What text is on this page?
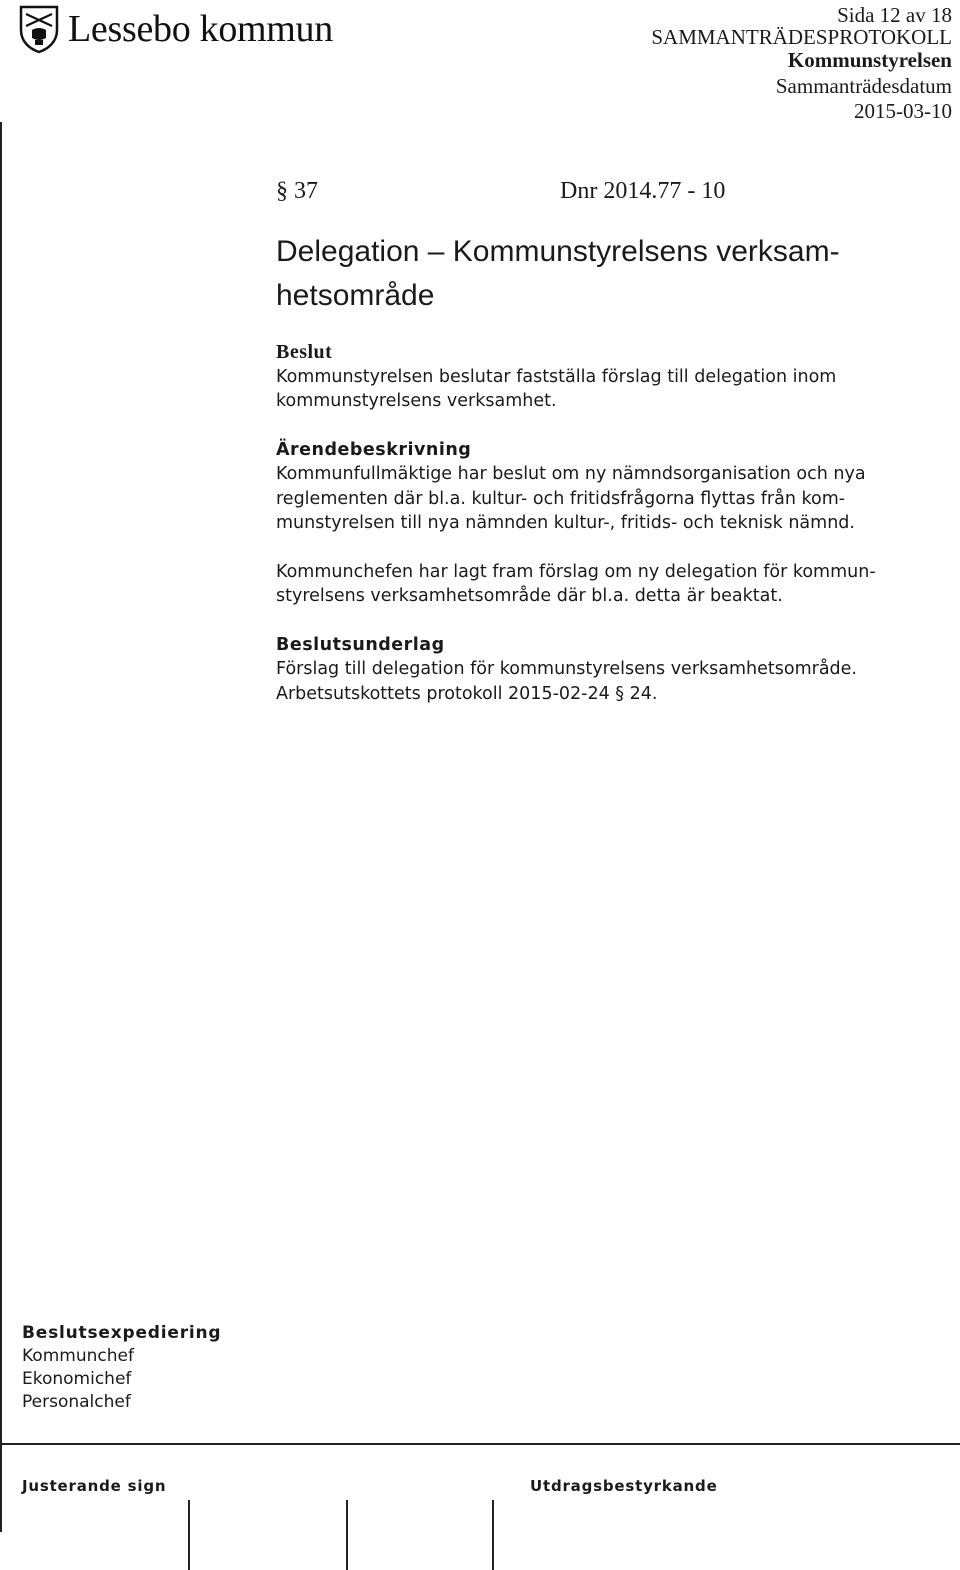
Lessebo kommun	Sida 12 av 18
SAMMANTRÄDESPROTOKOLL
Kommunstyrelsen
Sammanträdesdatum
2015-03-10
§ 37	Dnr 2014.77 - 10
Delegation – Kommunstyrelsens verksam-
hetsområde

Beslut

Kommunstyrelsen beslutar fastställa förslag till delegation inom

kommunstyrelsens verksamhet.

Ärendebeskrivning

Kommunfullmäktige har beslut om ny nämndsorganisation och nya

reglementen där bl.a. kultur- och fritidsfrågorna flyttas från kom-

munstyrelsen till nya nämnden kultur-, fritids- och teknisk nämnd.

Kommunchefen har lagt fram förslag om ny delegation för kommun-

styrelsens verksamhetsområde där bl.a. detta är beaktat.

Beslutsunderlag

Förslag till delegation för kommunstyrelsens verksamhetsområde.

Arbetsutskottets protokoll 2015-02-24 § 24.

Beslutsexpediering
Kommunchef
Ekonomichef
Personalchef
Justerande sign	Utdragsbestyrkande
